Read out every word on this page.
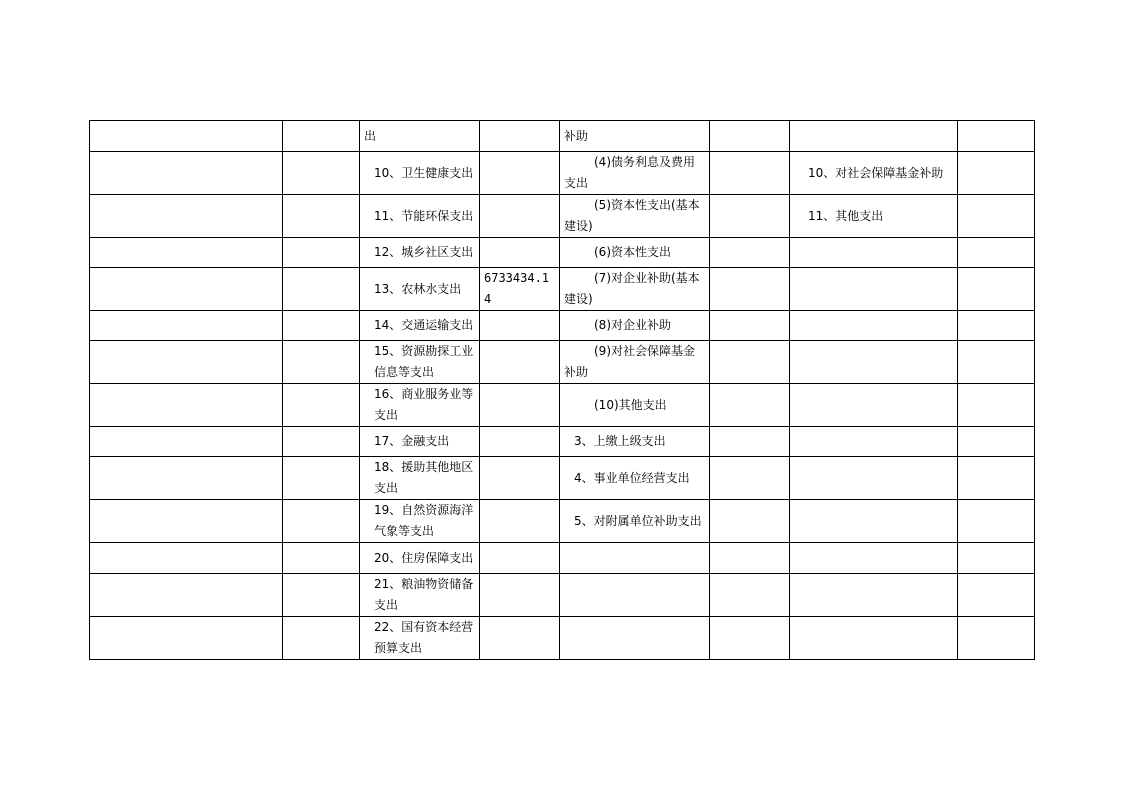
		出		补助			
		10、卫生健康支出		(4)债务利息及费用支出		10、对社会保障基金补助	
		11、节能环保支出		(5)资本性支出(基本建设)		11、其他支出	
		12、城乡社区支出		(6)资本性支出			
		13、农林水支出	6733434.14	(7)对企业补助(基本建设)			
		14、交通运输支出		(8)对企业补助			
		15、资源勘探工业信息等支出		(9)对社会保障基金补助			
		16、商业服务业等支出		(10)其他支出			
		17、金融支出		3、上缴上级支出			
		18、援助其他地区支出		4、事业单位经营支出			
		19、自然资源海洋气象等支出		5、对附属单位补助支出			
		20、住房保障支出					
		21、粮油物资储备支出					
		22、国有资本经营预算支出					
